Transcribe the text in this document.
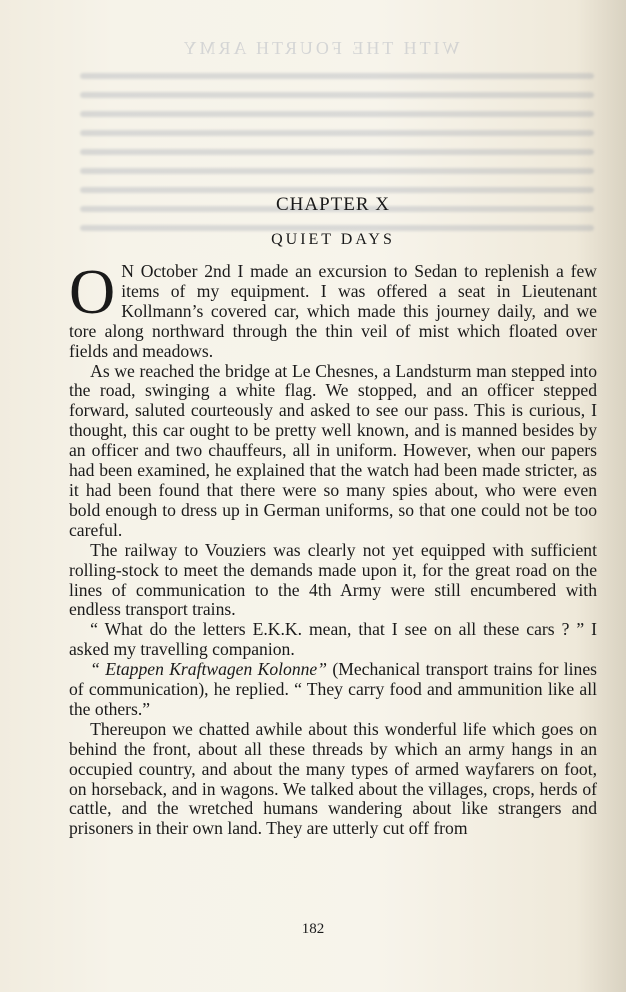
WITH THE FOURTH ARMY
CHAPTER X
QUIET DAYS

O N October 2nd I made an excursion to Sedan to replenish a few items of my equipment. I was offered a seat in Lieutenant Kollmann’s covered car, which made this journey daily, and we tore along northward through the thin veil of mist which floated over fields and meadows.

As we reached the bridge at Le Chesnes, a Landsturm man stepped into the road, swinging a white flag. We stopped, and an officer stepped forward, saluted courteously and asked to see our pass. This is curious, I thought, this car ought to be pretty well known, and is manned besides by an officer and two chauffeurs, all in uniform. However, when our papers had been examined, he explained that the watch had been made stricter, as it had been found that there were so many spies about, who were even bold enough to dress up in German uniforms, so that one could not be too careful.

The railway to Vouziers was clearly not yet equipped with sufficient rolling-stock to meet the demands made upon it, for the great road on the lines of communication to the 4th Army were still encumbered with endless transport trains.

“ What do the letters E.K.K. mean, that I see on all these cars ? ” I asked my travelling companion.

“ Etappen Kraftwagen Kolonne” (Mechanical transport trains for lines of communication), he replied. “ They carry food and ammunition like all the others.”

Thereupon we chatted awhile about this wonderful life which goes on behind the front, about all these threads by which an army hangs in an occupied country, and about the many types of armed wayfarers on foot, on horseback, and in wagons. We talked about the villages, crops, herds of cattle, and the wretched humans wandering about like strangers and prisoners in their own land. They are utterly cut off from

182
